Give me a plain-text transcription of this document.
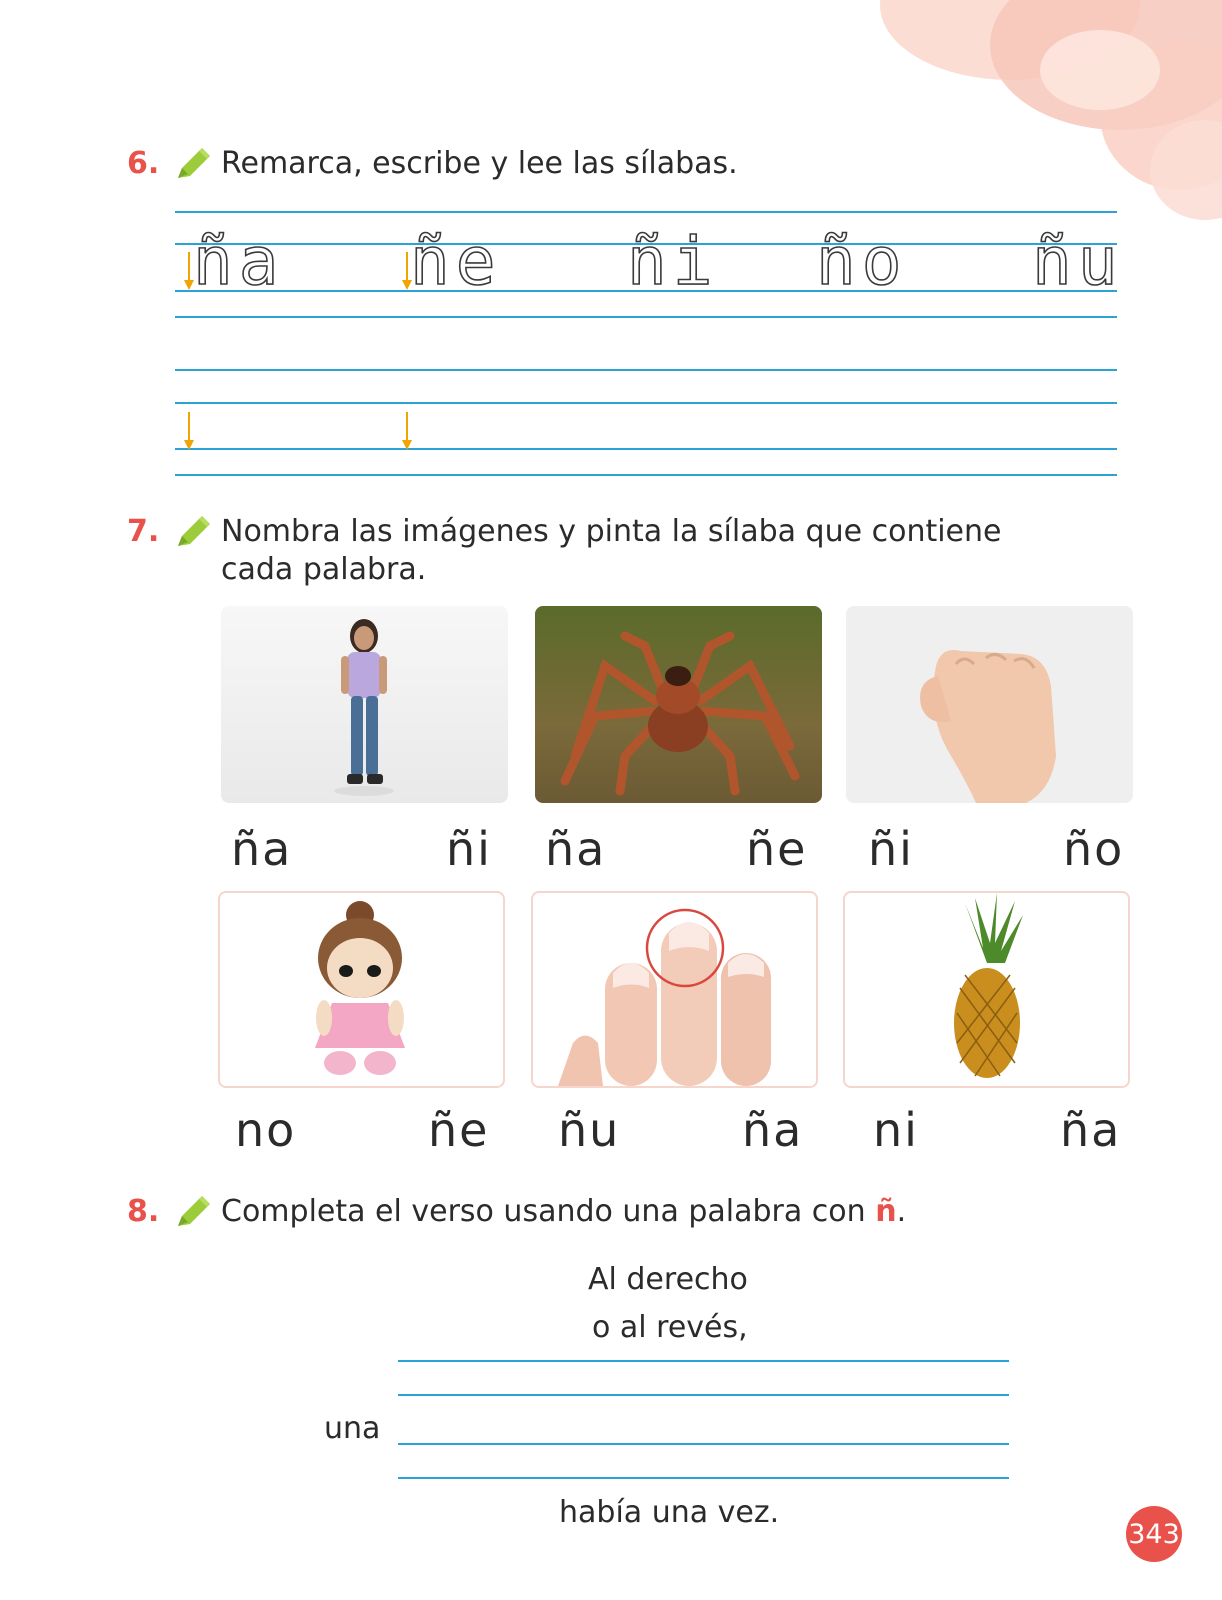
6. Remarca, escribe y lee las sílabas.
ña ñe ñi ño ñu
7. Nombra las imágenes y pinta la sílaba que contiene
cada palabra.
ña	ñi ña	ñe ñi	ño
no	ñe ñu	ña ni	ña
8. Completa el verso usando una palabra con ñ.
Al derecho
o al revés,
una
había una vez.
343
